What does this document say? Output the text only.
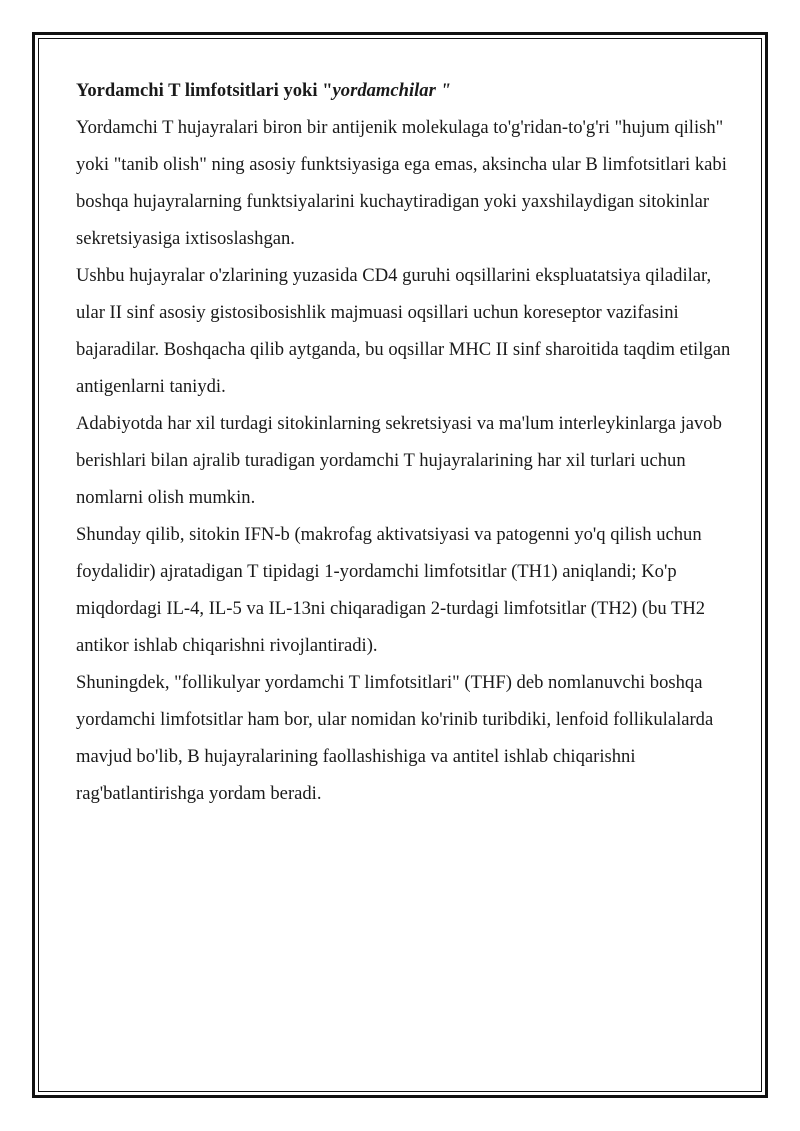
Yordamchi T limfotsitlari yoki "yordamchilar "

Yordamchi T hujayralari biron bir antijenik molekulaga to'g'ridan-to'g'ri "hujum qilish" yoki "tanib olish" ning asosiy funktsiyasiga ega emas, aksincha ular B limfotsitlari kabi boshqa hujayralarning funktsiyalarini kuchaytiradigan yoki yaxshilaydigan sitokinlar sekretsiyasiga ixtisoslashgan.

Ushbu hujayralar o'zlarining yuzasida CD4 guruhi oqsillarini ekspluatatsiya qiladilar, ular II sinf asosiy gistosibosishlik majmuasi oqsillari uchun koreseptor vazifasini bajaradilar. Boshqacha qilib aytganda, bu oqsillar MHC II sinf sharoitida taqdim etilgan antigenlarni taniydi.

Adabiyotda har xil turdagi sitokinlarning sekretsiyasi va ma'lum interleykinlarga javob berishlari bilan ajralib turadigan yordamchi T hujayralarining har xil turlari uchun nomlarni olish mumkin.

Shunday qilib, sitokin IFN-b (makrofag aktivatsiyasi va patogenni yo'q qilish uchun foydalidir) ajratadigan T tipidagi 1-yordamchi limfotsitlar (TH1) aniqlandi; Ko'p miqdordagi IL-4, IL-5 va IL-13ni chiqaradigan 2-turdagi limfotsitlar (TH2) (bu TH2 antikor ishlab chiqarishni rivojlantiradi).

Shuningdek, "follikulyar yordamchi T limfotsitlari" (THF) deb nomlanuvchi boshqa yordamchi limfotsitlar ham bor, ular nomidan ko'rinib turibdiki, lenfoid follikulalarda mavjud bo'lib, B hujayralarining faollashishiga va antitel ishlab chiqarishni rag'batlantirishga yordam beradi.
